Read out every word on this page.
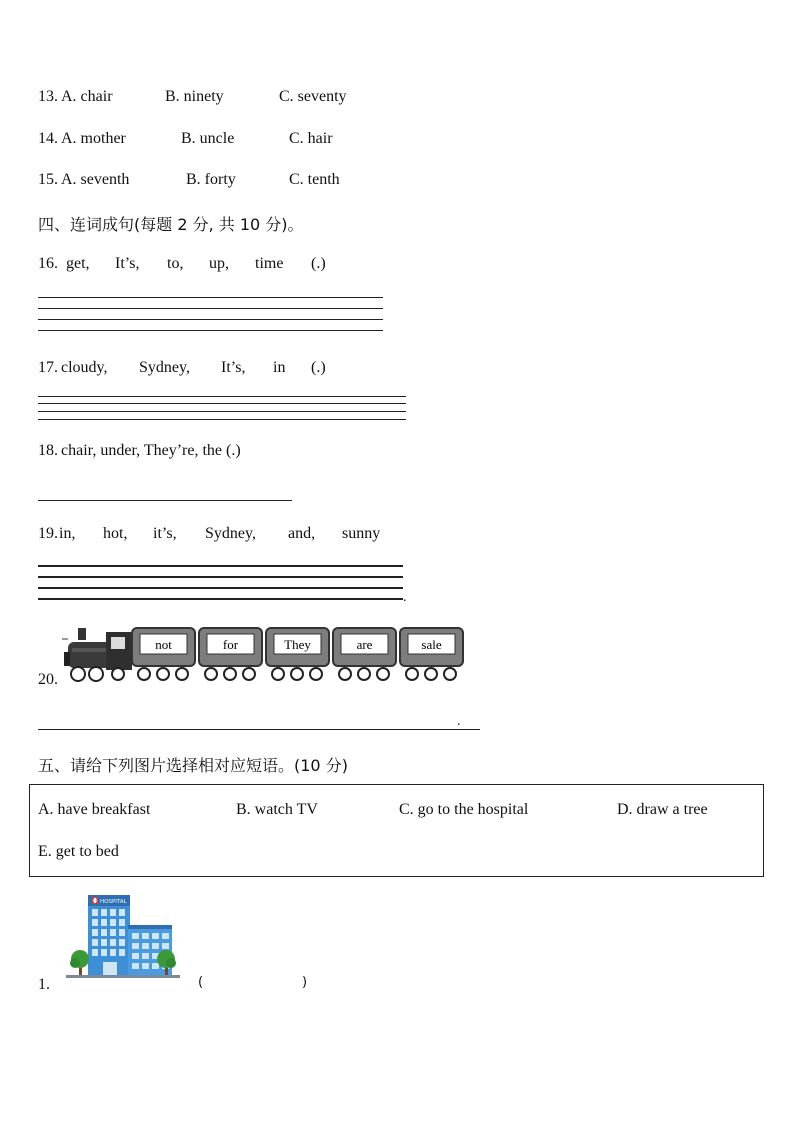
13. A. chair	B. ninety	C. seventy
14. A. mother	B. uncle	C. hair
15. A. seventh	B. forty	C. tenth
四、连词成句(每题 2 分, 共 10 分)。
16. get, It’s, to, up, time (.)
17. cloudy, Sydney, It’s, in (.)
18. chair, under, They’re, the (.)
19. in, hot, it’s, Sydney, and, sunny
.
20.
not	for	They	are	sale
.
五、请给下列图片选择相对应短语。(10 分)
A. have breakfast	B. watch TV	C. go to the hospital	D. draw a tree
E. get to bed
1.
HOSPITAL
(	)
